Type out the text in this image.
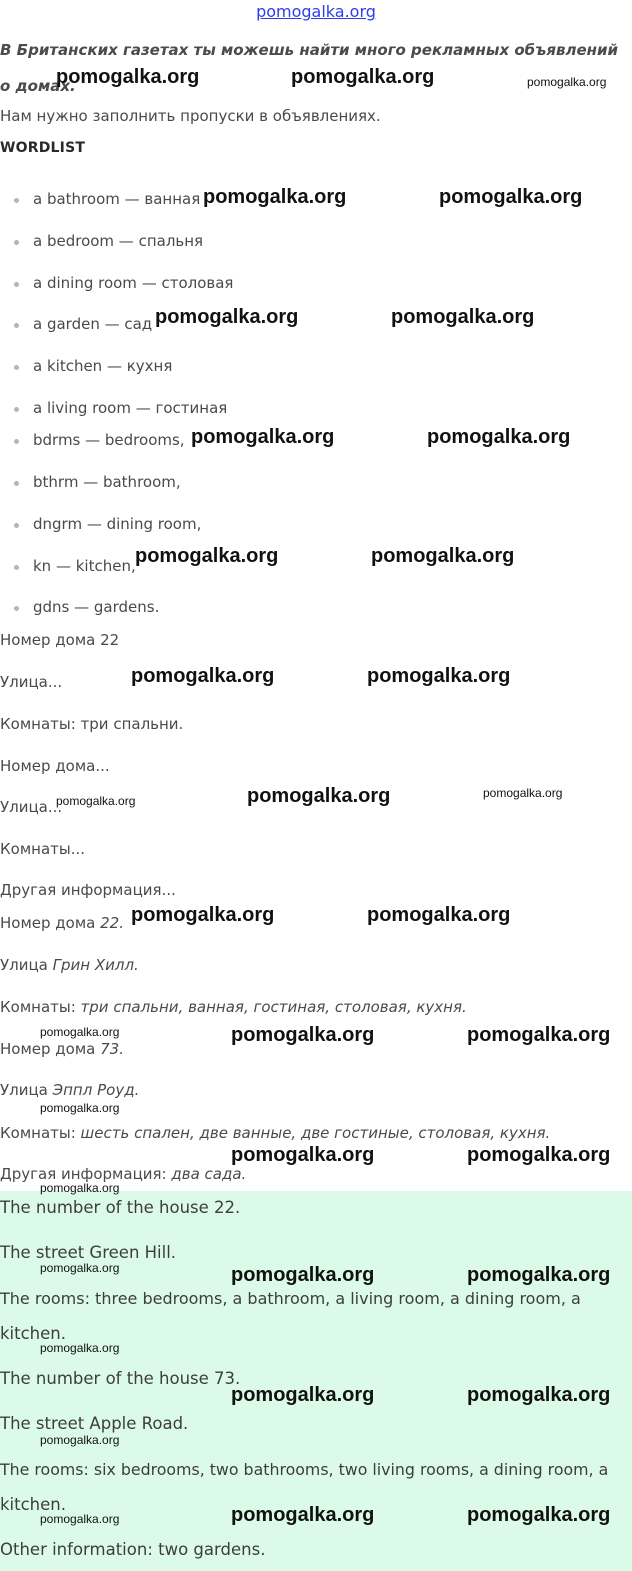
pomogalka.org
В Британских газетах ты можешь найти много рекламных объявлений о домах.
Нам нужно заполнить пропуски в объявлениях.
WORDLIST
a bathroom — ванная
a bedroom — спальня
a dining room — столовая
a garden — сад
a kitchen — кухня
a living room — гостиная
bdrms — bedrooms,
bthrm — bathroom,
dngrm — dining room,
kn — kitchen,
gdns — gardens.
Номер дома 22
Улица...
Комнаты: три спальни.
Номер дома...
Улица...
Комнаты...
Другая информация...
Номер дома 22.
Улица Грин Хилл.
Комнаты: три спальни, ванная, гостиная, столовая, кухня.
Номер дома 73.
Улица Эппл Роуд.
Комнаты: шесть спален, две ванные, две гостиные, столовая, кухня.
Другая информация: два сада.
The number of the house 22.
The street Green Hill.
The rooms: three bedrooms, a bathroom, a living room, a dining room, a
kitchen.
The number of the house 73.
The street Apple Road.
The rooms: six bedrooms, two bathrooms, two living rooms, a dining room, a
kitchen.
Other information: two gardens.
pomogalka.org	pomogalka.org	pomogalka.org
pomogalka.org	pomogalka.org
pomogalka.org	pomogalka.org
pomogalka.org	pomogalka.org
pomogalka.org	pomogalka.org
pomogalka.org	pomogalka.org
pomogalka.org	pomogalka.org	pomogalka.org
pomogalka.org	pomogalka.org
pomogalka.org	pomogalka.org	pomogalka.org
pomogalka.org
pomogalka.org	pomogalka.org
pomogalka.org
pomogalka.org	pomogalka.org	pomogalka.org
pomogalka.org
pomogalka.org	pomogalka.org
pomogalka.org
pomogalka.org	pomogalka.org	pomogalka.org
